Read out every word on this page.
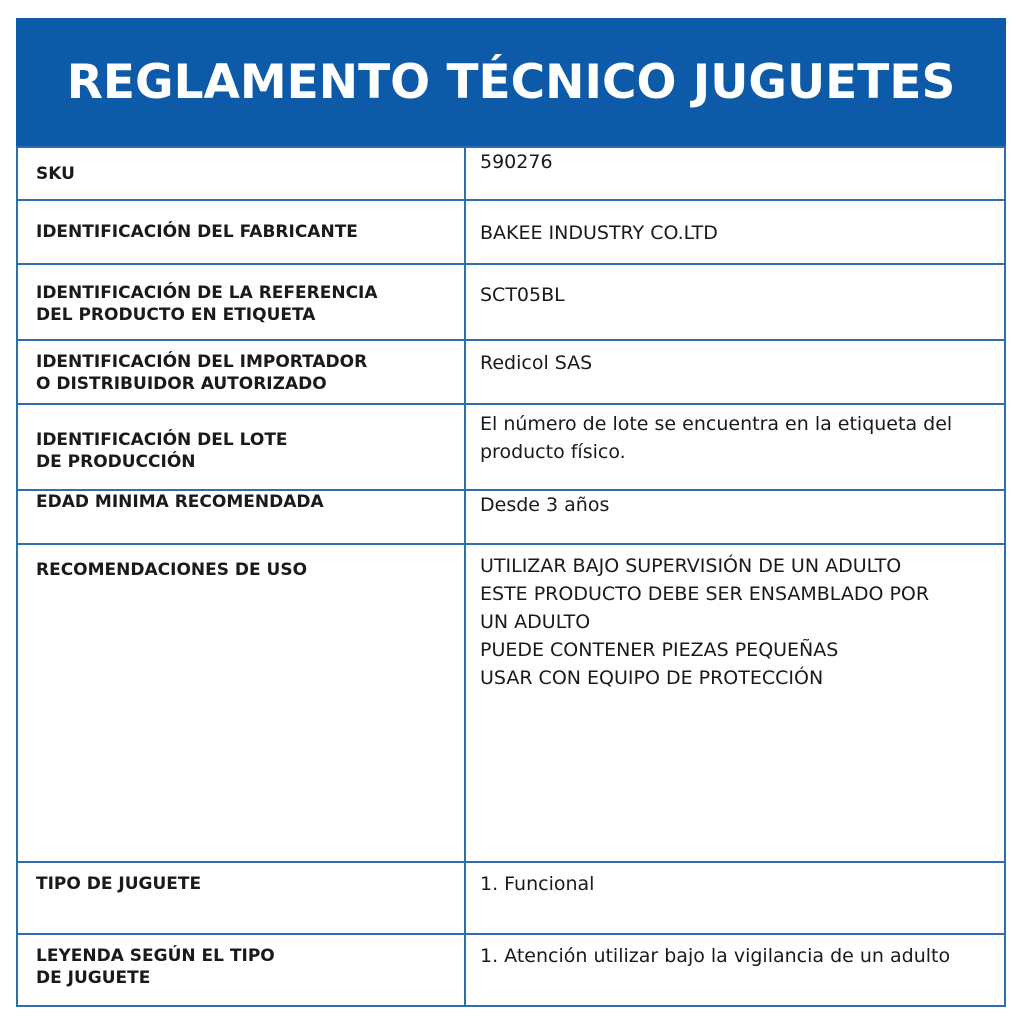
REGLAMENTO TÉCNICO JUGUETES
SKU	590276

IDENTIFICACIÓN DEL FABRICANTE	BAKEE INDUSTRY CO.LTD

IDENTIFICACIÓN DE LA REFERENCIA
DEL PRODUCTO EN ETIQUETA	SCT05BL

IDENTIFICACIÓN DEL IMPORTADOR
O DISTRIBUIDOR AUTORIZADO	Redicol SAS

IDENTIFICACIÓN DEL LOTE
DE PRODUCCIÓN	El número de lote se encuentra en la etiqueta del
producto físico.

EDAD MINIMA RECOMENDADA	Desde 3 años

RECOMENDACIONES DE USO	UTILIZAR BAJO SUPERVISIÓN DE UN ADULTO
ESTE PRODUCTO DEBE SER ENSAMBLADO POR
UN ADULTO
PUEDE CONTENER PIEZAS PEQUEÑAS
USAR CON EQUIPO DE PROTECCIÓN

TIPO DE JUGUETE	1. Funcional

LEYENDA SEGÚN EL TIPO
DE JUGUETE	1. Atención utilizar bajo la vigilancia de un adulto
